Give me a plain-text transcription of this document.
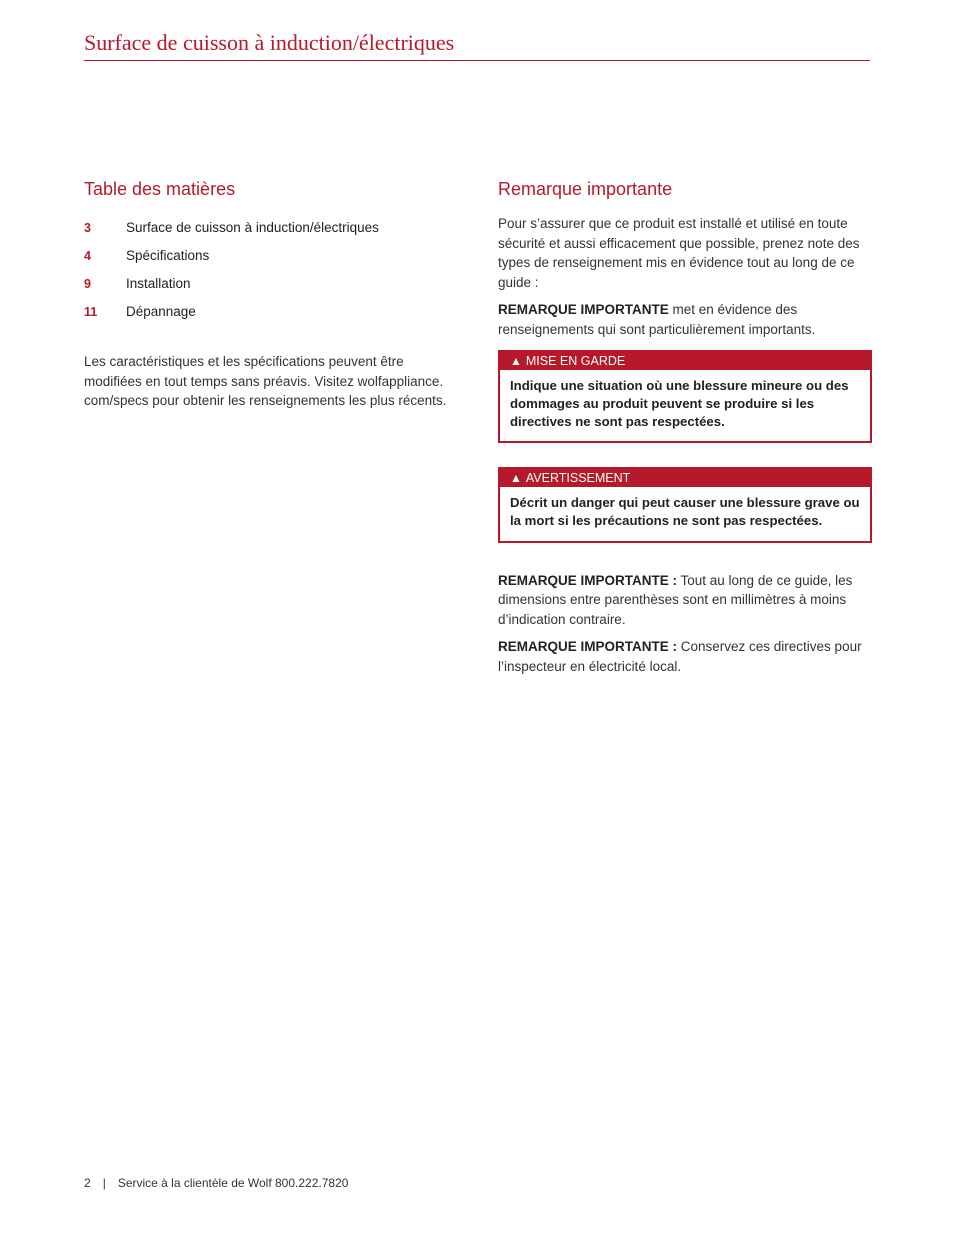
Surface de cuisson à induction/électriques
Table des matières
3	Surface de cuisson à induction/électriques
4	Spécifications
9	Installation
11	Dépannage

Les caractéristiques et les spécifications peuvent être modifiées en tout temps sans préavis. Visitez wolfappliance. com/specs pour obtenir les renseignements les plus récents.

Remarque importante

Pour s’assurer que ce produit est installé et utilisé en toute sécurité et aussi efficacement que possible, prenez note des types de renseignement mis en évidence tout au long de ce guide :

REMARQUE IMPORTANTE met en évidence des renseignements qui sont particulièrement importants.

▲ MISE EN GARDE
Indique une situation où une blessure mineure ou des dommages au produit peuvent se produire si les directives ne sont pas respectées.
▲ AVERTISSEMENT
Décrit un danger qui peut causer une blessure grave ou la mort si les précautions ne sont pas respectées.

REMARQUE IMPORTANTE : Tout au long de ce guide, les dimensions entre parenthèses sont en millimètres à moins d’indication contraire.

REMARQUE IMPORTANTE : Conservez ces directives pour l’inspecteur en électricité local.

2 | Service à la clientèle de Wolf 800.222.7820
